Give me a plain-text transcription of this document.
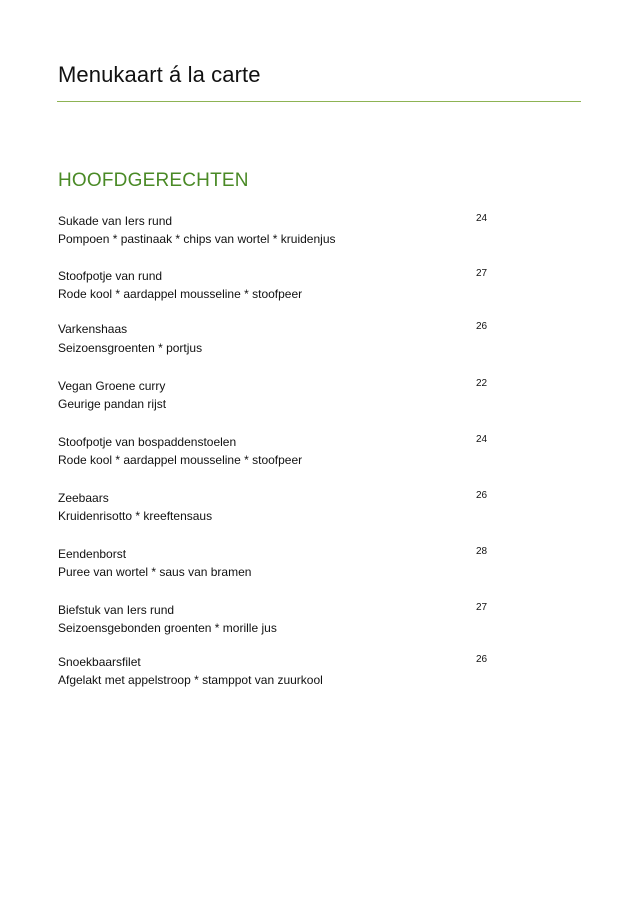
Menukaart á la carte
HOOFDGERECHTEN
Sukade van Iers rund
Pompoen * pastinaak * chips van wortel * kruidenjus
24
Stoofpotje van rund
Rode kool * aardappel mousseline * stoofpeer
27
Varkenshaas
Seizoensgroenten * portjus
26
Vegan Groene curry
Geurige pandan rijst
22
Stoofpotje van bospaddenstoelen
Rode kool * aardappel mousseline * stoofpeer
24
Zeebaars
Kruidenrisotto * kreeftensaus
26
Eendenborst
Puree van wortel * saus van bramen
28
Biefstuk van Iers rund
Seizoensgebonden groenten * morille jus
27
Snoekbaarsfilet
Afgelakt met appelstroop * stamppot van zuurkool
26
